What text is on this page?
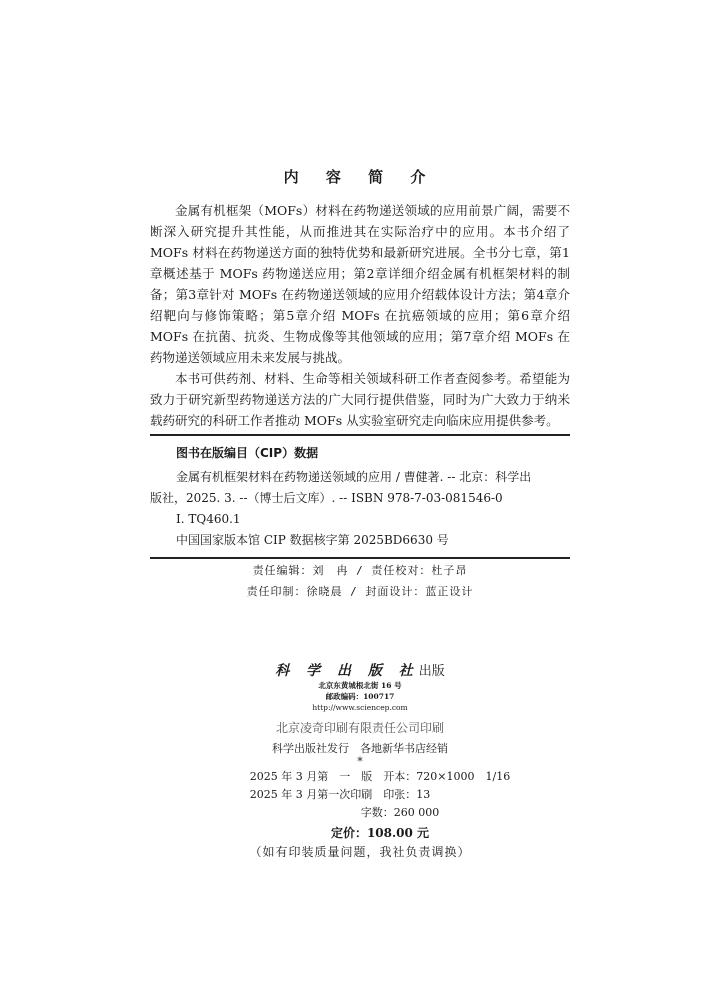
内 容 简 介

金属有机框架（MOFs）材料在药物递送领域的应用前景广阔，需要不断深入研究提升其性能，从而推进其在实际治疗中的应用。本书介绍了MOFs 材料在药物递送方面的独特优势和最新研究进展。全书分七章，第1章概述基于 MOFs 药物递送应用；第2章详细介绍金属有机框架材料的制备；第3章针对 MOFs 在药物递送领域的应用介绍载体设计方法；第4章介绍靶向与修饰策略；第5章介绍 MOFs 在抗癌领域的应用；第6章介绍 MOFs 在抗菌、抗炎、生物成像等其他领域的应用；第7章介绍 MOFs 在药物递送领域应用未来发展与挑战。

本书可供药剂、材料、生命等相关领域科研工作者查阅参考。希望能为致力于研究新型药物递送方法的广大同行提供借鉴，同时为广大致力于纳米载药研究的科研工作者推动 MOFs 从实验室研究走向临床应用提供参考。

图书在版编目（CIP）数据
金属有机框架材料在药物递送领域的应用 / 曹健著. -- 北京：科学出
版社，2025. 3. --（博士后文库）. -- ISBN 978-7-03-081546-0
Ⅰ. TQ460.1
中国国家版本馆 CIP 数据核字第 2025BD6630 号
责任编辑：刘　冉 / 责任校对：杜子昂
责任印制：徐晓晨 / 封面设计：蓝正设计
科 学 出 版 社出版
北京东黄城根北街 16 号
邮政编码：100717
http://www.sciencep.com
北京凌奇印刷有限责任公司印刷
科学出版社发行　各地新华书店经销
*
2025 年 3 月第　一　版　开本：720×1000　1/16
2025 年 3 月第一次印刷　印张：13
字数：260 000
定价：108.00 元
（如有印装质量问题，我社负责调换）
